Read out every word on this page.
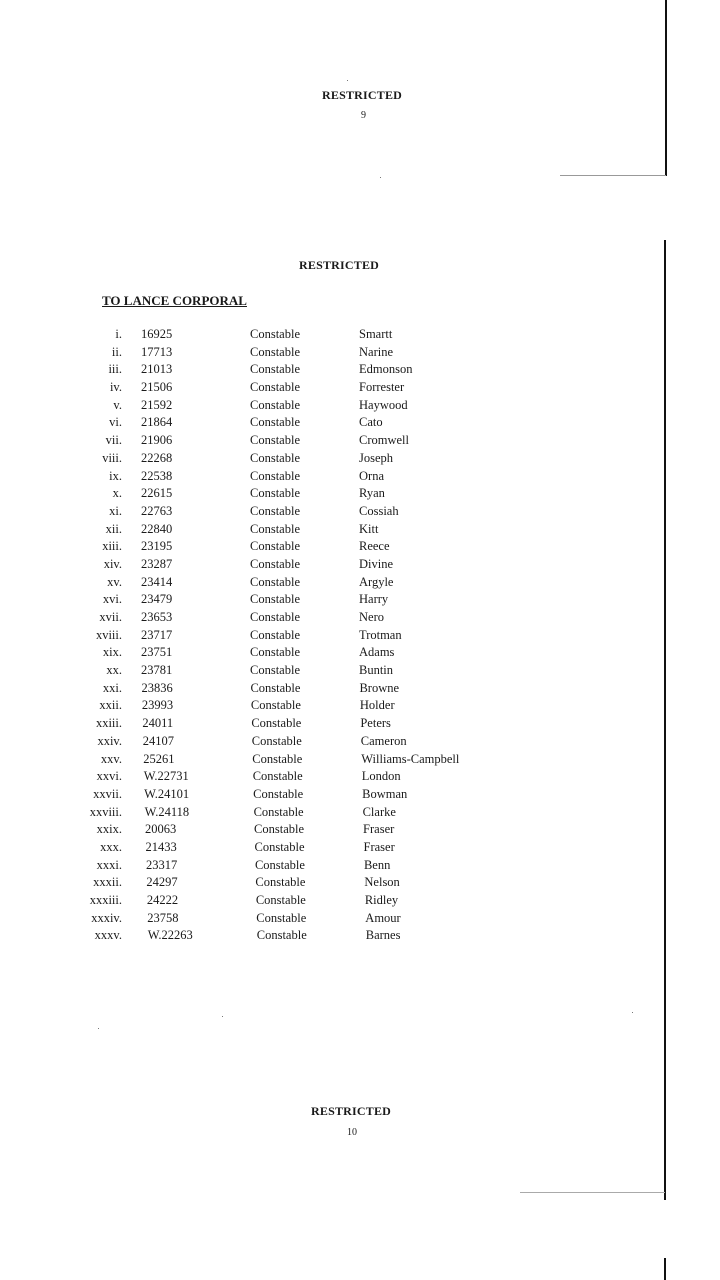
RESTRICTED
9
RESTRICTED
TO LANCE CORPORAL
i. 16925	Constable	Smartt
ii. 17713	Constable	Narine
iii. 21013	Constable	Edmonson
iv. 21506	Constable	Forrester
v. 21592	Constable	Haywood
vi. 21864	Constable	Cato
vii. 21906	Constable	Cromwell
viii. 22268	Constable	Joseph
ix. 22538	Constable	Orna
x. 22615	Constable	Ryan
xi. 22763	Constable	Cossiah
xii. 22840	Constable	Kitt
xiii. 23195	Constable	Reece
xiv. 23287	Constable	Divine
xv. 23414	Constable	Argyle
xvi. 23479	Constable	Harry
xvii. 23653	Constable	Nero
xviii. 23717	Constable	Trotman
xix. 23751	Constable	Adams
xx. 23781	Constable	Buntin
xxi. 23836	Constable	Browne
xxii. 23993	Constable	Holder
xxiii. 24011	Constable	Peters
xxiv. 24107	Constable	Cameron
xxv. 25261	Constable	Williams-Campbell
xxvi. W.22731	Constable	London
xxvii. W.24101	Constable	Bowman
xxviii. W.24118	Constable	Clarke
xxix. 20063	Constable	Fraser
xxx. 21433	Constable	Fraser
xxxi. 23317	Constable	Benn
xxxii. 24297	Constable	Nelson
xxxiii. 24222	Constable	Ridley
xxxiv. 23758	Constable	Amour
xxxv. W.22263	Constable	Barnes
RESTRICTED
10
